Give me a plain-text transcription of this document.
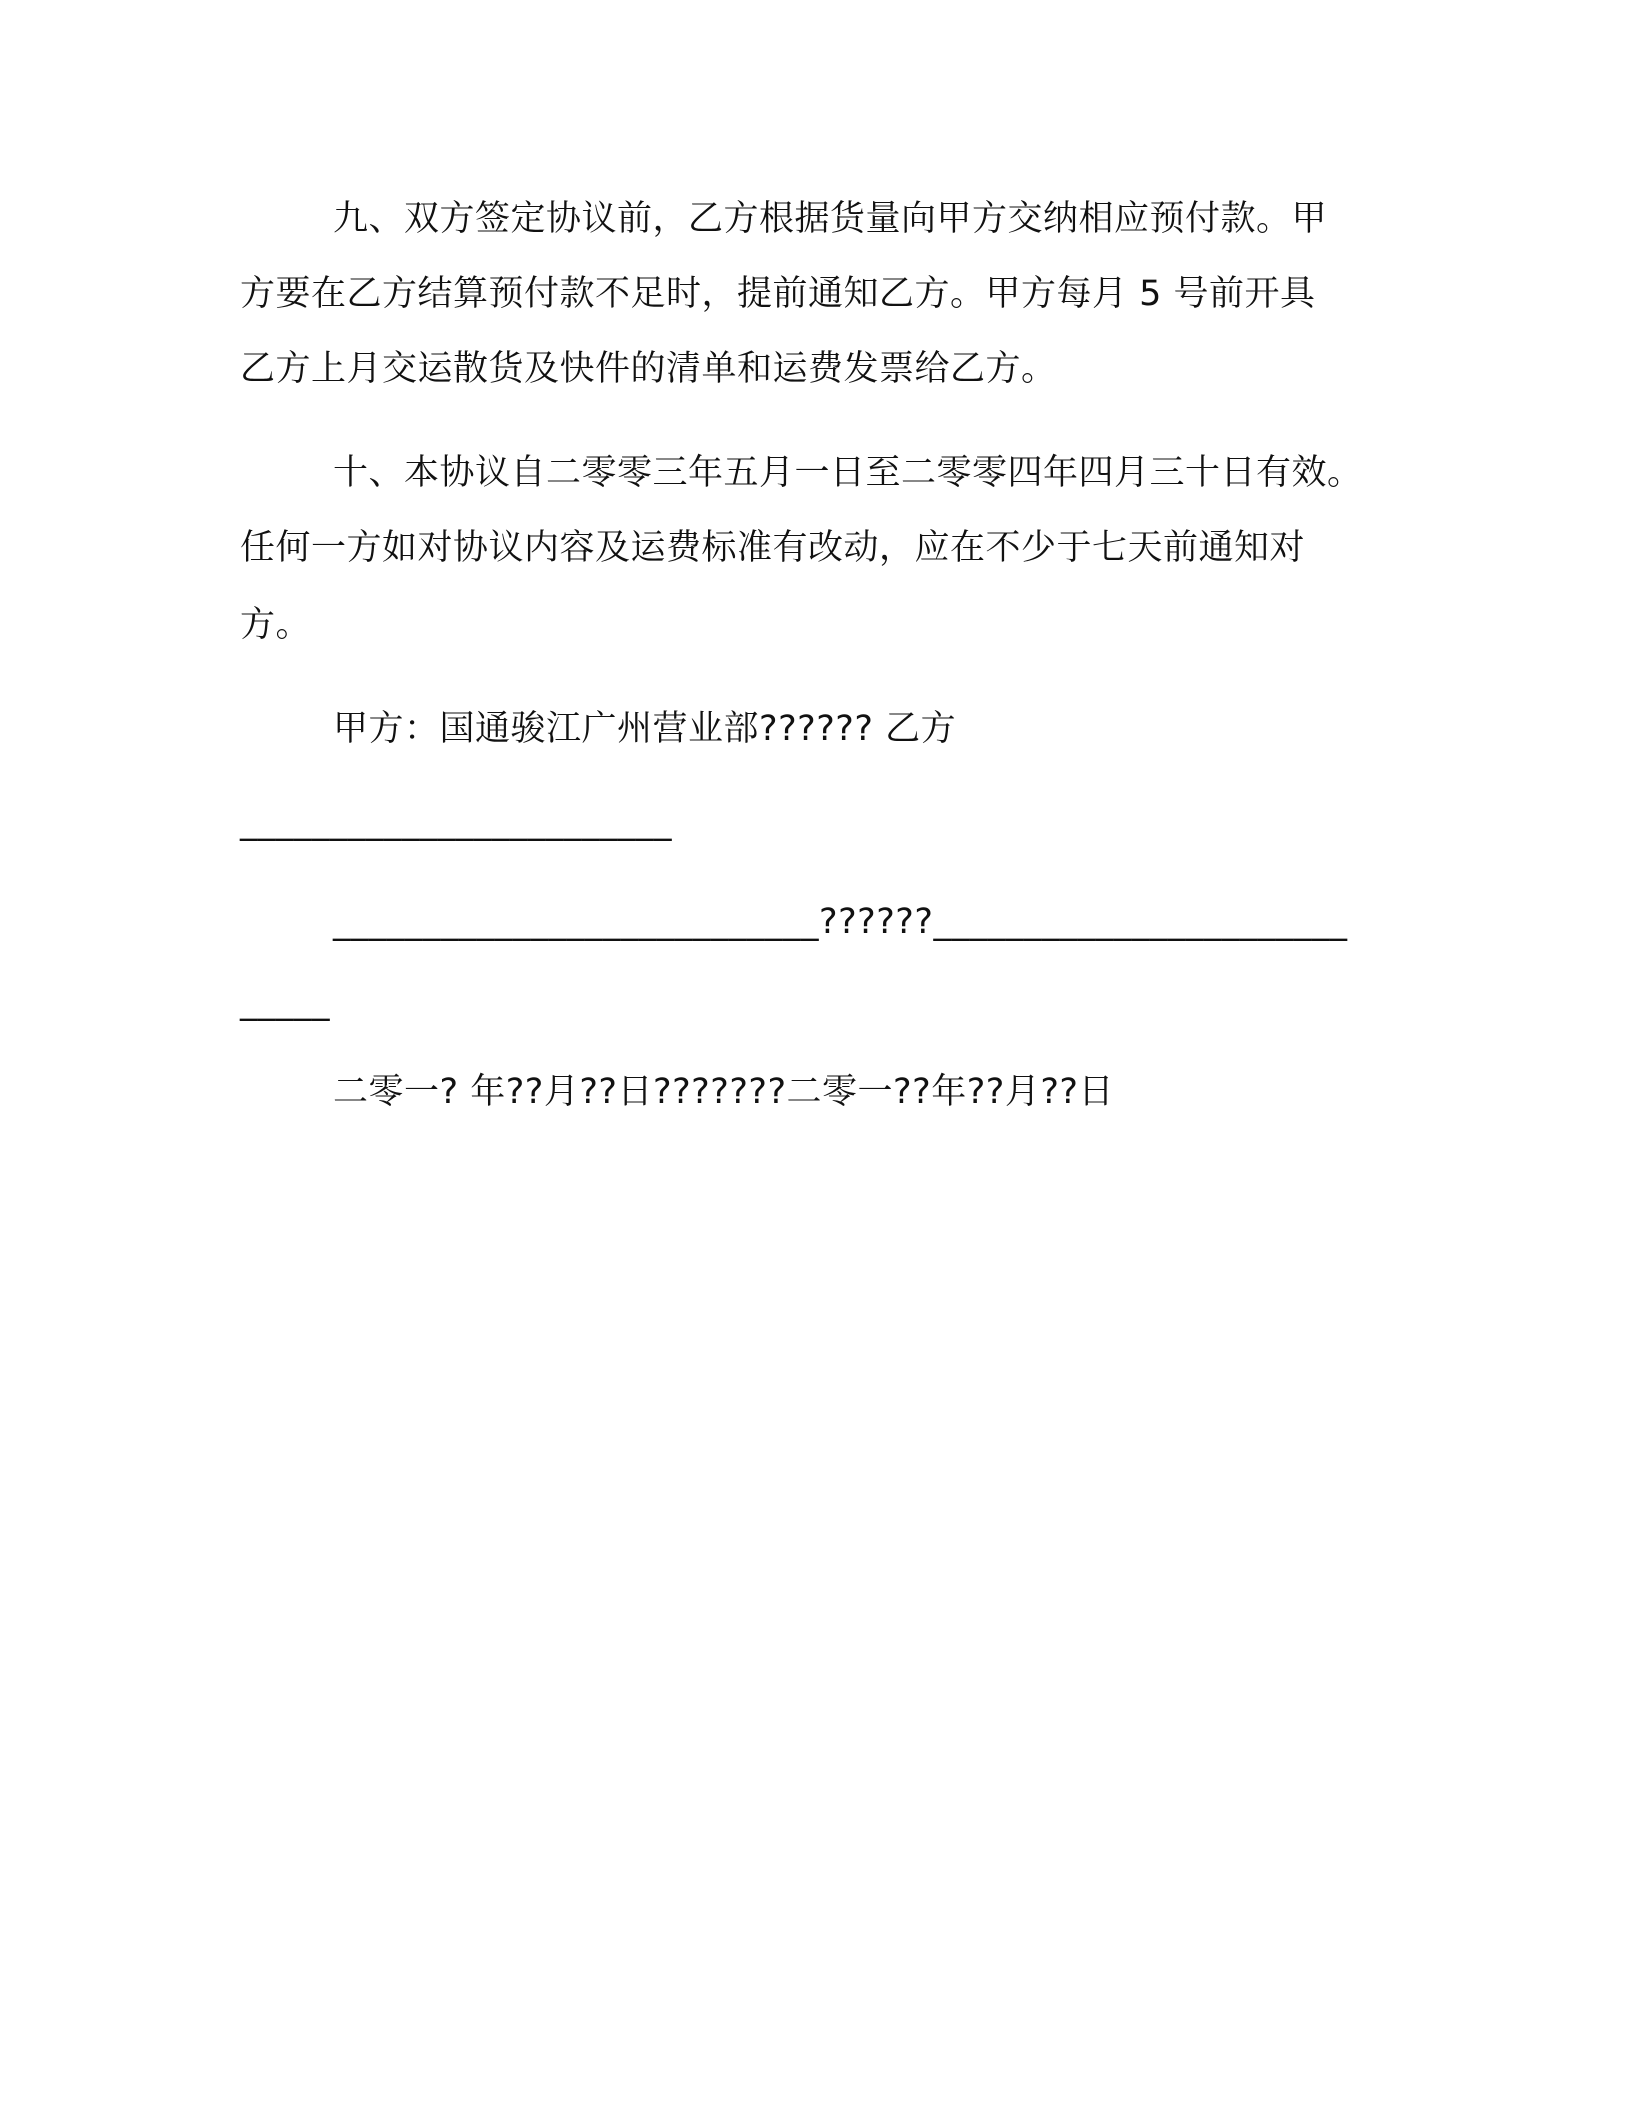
九、双方签定协议前，乙方根据货量向甲方交纳相应预付款。甲
方要在乙方结算预付款不足时，提前通知乙方。甲方每月 5 号前开具
乙方上月交运散货及快件的清单和运费发票给乙方。
十、本协议自二零零三年五月一日至二零零四年四月三十日有效。
任何一方如对协议内容及运费标准有改动，应在不少于七天前通知对
方。
甲方：国通骏江广州营业部?????? 乙方
________________________
___________________________??????_______________________
_____
二零一? 年??月??日???????二零一??年??月??日
